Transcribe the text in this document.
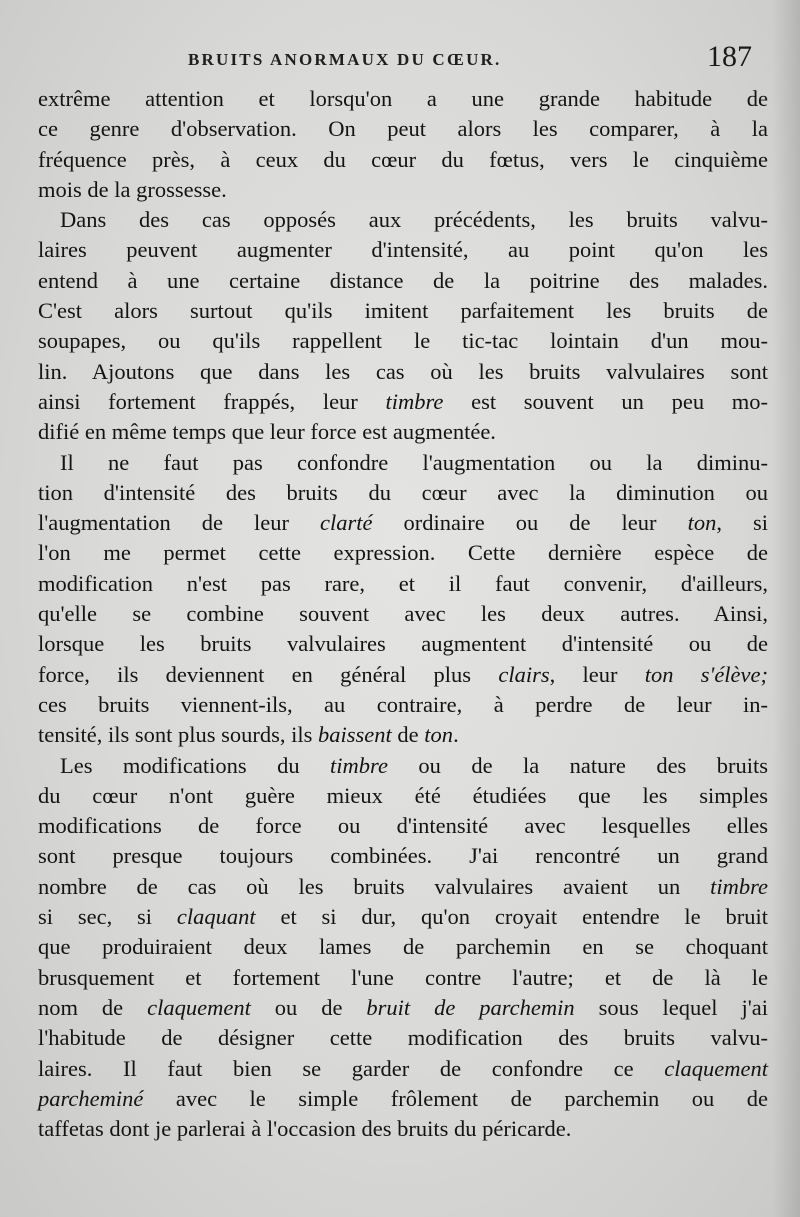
BRUITS ANORMAUX DU CŒUR.	187
extrême attention et lorsqu'on a une grande habitude de
ce genre d'observation. On peut alors les comparer, à la
fréquence près, à ceux du cœur du fœtus, vers le cinquième
mois de la grossesse.
Dans des cas opposés aux précédents, les bruits valvu-
laires peuvent augmenter d'intensité, au point qu'on les
entend à une certaine distance de la poitrine des malades.
C'est alors surtout qu'ils imitent parfaitement les bruits de
soupapes, ou qu'ils rappellent le tic-tac lointain d'un mou-
lin. Ajoutons que dans les cas où les bruits valvulaires sont
ainsi fortement frappés, leur timbre est souvent un peu mo-
difié en même temps que leur force est augmentée.
Il ne faut pas confondre l'augmentation ou la diminu-
tion d'intensité des bruits du cœur avec la diminution ou
l'augmentation de leur clarté ordinaire ou de leur ton, si
l'on me permet cette expression. Cette dernière espèce de
modification n'est pas rare, et il faut convenir, d'ailleurs,
qu'elle se combine souvent avec les deux autres. Ainsi,
lorsque les bruits valvulaires augmentent d'intensité ou de
force, ils deviennent en général plus clairs, leur ton s'élève;
ces bruits viennent-ils, au contraire, à perdre de leur in-
tensité, ils sont plus sourds, ils baissent de ton.
Les modifications du timbre ou de la nature des bruits
du cœur n'ont guère mieux été étudiées que les simples
modifications de force ou d'intensité avec lesquelles elles
sont presque toujours combinées. J'ai rencontré un grand
nombre de cas où les bruits valvulaires avaient un timbre
si sec, si claquant et si dur, qu'on croyait entendre le bruit
que produiraient deux lames de parchemin en se choquant
brusquement et fortement l'une contre l'autre; et de là le
nom de claquement ou de bruit de parchemin sous lequel j'ai
l'habitude de désigner cette modification des bruits valvu-
laires. Il faut bien se garder de confondre ce claquement
parcheminé avec le simple frôlement de parchemin ou de
taffetas dont je parlerai à l'occasion des bruits du péricarde.
